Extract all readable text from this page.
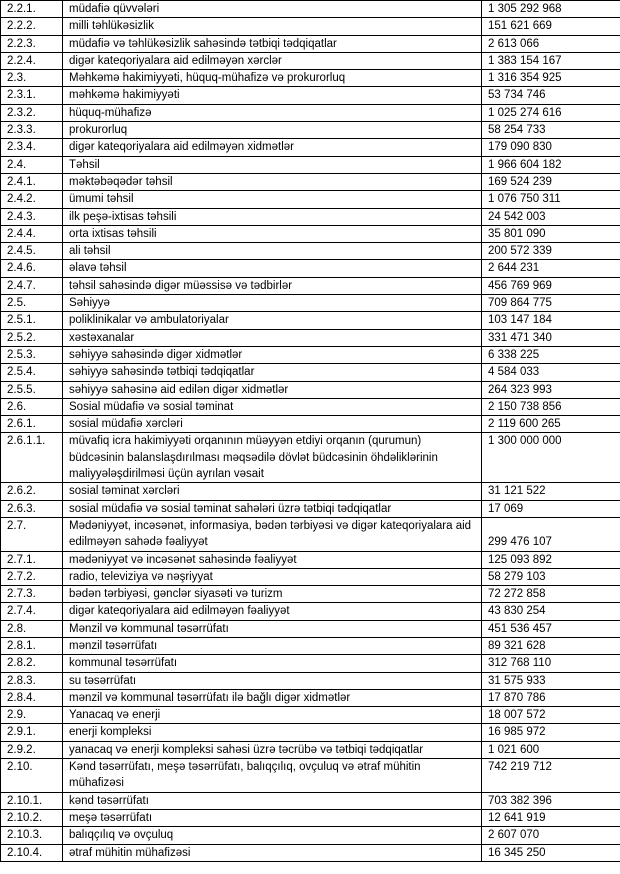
2.2.1.	müdafiə qüvvələri	1 305 292 968
2.2.2.	milli təhlükəsizlik	151 621 669
2.2.3.	müdafiə və təhlükəsizlik sahəsində tətbiqi tədqiqatlar	2 613 066
2.2.4.	digər kateqoriyalara aid edilməyən xərclər	1 383 154 167
2.3.	Məhkəmə hakimiyyəti, hüquq-mühafizə və prokurorluq	1 316 354 925
2.3.1.	məhkəmə hakimiyyəti	53 734 746
2.3.2.	hüquq-mühafizə	1 025 274 616
2.3.3.	prokurorluq	58 254 733
2.3.4.	digər kateqoriyalara aid edilməyən xidmətlər	179 090 830
2.4.	Təhsil	1 966 604 182
2.4.1.	məktəbəqədər təhsil	169 524 239
2.4.2.	ümumi təhsil	1 076 750 311
2.4.3.	ilk peşə-ixtisas təhsili	24 542 003
2.4.4.	orta ixtisas təhsili	35 801 090
2.4.5.	ali təhsil	200 572 339
2.4.6.	əlavə təhsil	2 644 231
2.4.7.	təhsil sahəsində digər müəssisə və tədbirlər	456 769 969
2.5.	Səhiyyə	709 864 775
2.5.1.	poliklinikalar və ambulatoriyalar	103 147 184
2.5.2.	xəstəxanalar	331 471 340
2.5.3.	səhiyyə sahəsində digər xidmətlər	6 338 225
2.5.4.	səhiyyə sahəsində tətbiqi tədqiqatlar	4 584 033
2.5.5.	səhiyyə sahəsinə aid edilən digər xidmətlər	264 323 993
2.6.	Sosial müdafiə və sosial təminat	2 150 738 856
2.6.1.	sosial müdafiə xərcləri	2 119 600 265
2.6.1.1.	müvafiq icra hakimiyyəti orqanının müəyyən etdiyi orqanın (qurumun) büdcəsinin balanslaşdırılması məqsədilə dövlət büdcəsinin öhdəliklərinin maliyyələşdirilməsi üçün ayrılan vəsait	1 300 000 000
2.6.2.	sosial təminat xərcləri	31 121 522
2.6.3.	sosial müdafiə və sosial təminat sahələri üzrə tətbiqi tədqiqatlar	17 069
2.7.	Mədəniyyət, incəsənət, informasiya, bədən tərbiyəsi və digər kateqoriyalara aid edilməyən sahədə fəaliyyət	299 476 107
2.7.1.	mədəniyyət və incəsənət sahəsində fəaliyyət	125 093 892
2.7.2.	radio, televiziya və nəşriyyat	58 279 103
2.7.3.	bədən tərbiyəsi, gənclər siyasəti və turizm	72 272 858
2.7.4.	digər kateqoriyalara aid edilməyən fəaliyyət	43 830 254
2.8.	Mənzil və kommunal təsərrüfatı	451 536 457
2.8.1.	mənzil təsərrüfatı	89 321 628
2.8.2.	kommunal təsərrüfatı	312 768 110
2.8.3.	su təsərrüfatı	31 575 933
2.8.4.	mənzil və kommunal təsərrüfatı ilə bağlı digər xidmətlər	17 870 786
2.9.	Yanacaq və enerji	18 007 572
2.9.1.	enerji kompleksi	16 985 972
2.9.2.	yanacaq və enerji kompleksi sahəsi üzrə təcrübə və tətbiqi tədqiqatlar	1 021 600
2.10.	Kənd təsərrüfatı, meşə təsərrüfatı, balıqçılıq, ovçuluq və ətraf mühitin mühafizəsi	742 219 712
2.10.1.	kənd təsərrüfatı	703 382 396
2.10.2.	meşə təsərrüfatı	12 641 919
2.10.3.	balıqçılıq və ovçuluq	2 607 070
2.10.4.	ətraf mühitin mühafizəsi	16 345 250
